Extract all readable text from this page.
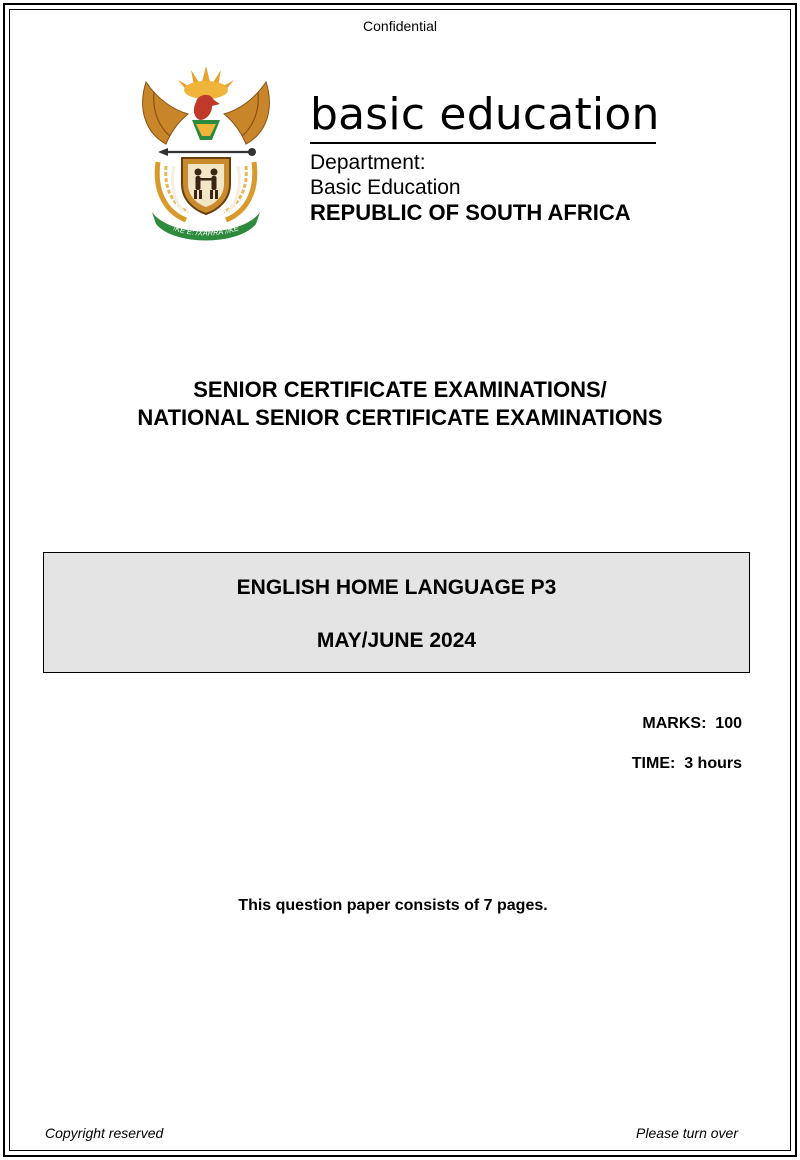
Confidential
!KE E: /XARRA //KE
basic education
Department:
Basic Education
REPUBLIC OF SOUTH AFRICA
SENIOR CERTIFICATE EXAMINATIONS/
NATIONAL SENIOR CERTIFICATE EXAMINATIONS
ENGLISH HOME LANGUAGE P3
MAY/JUNE 2024
MARKS:  100
TIME:  3 hours
This question paper consists of 7 pages.
Copyright reserved	Please turn over
